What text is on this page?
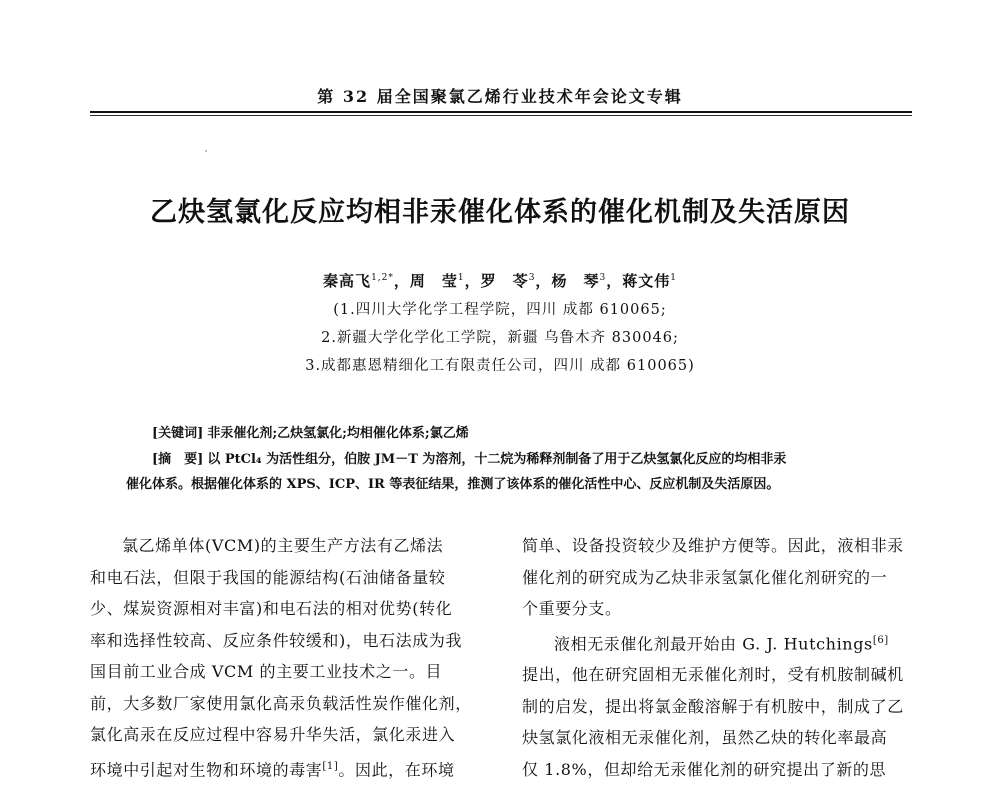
第 32 届全国聚氯乙烯行业技术年会论文专辑
乙炔氢氯化反应均相非汞催化体系的催化机制及失活原因
秦高飞$^{1,2*}$，周　莹$^1$，罗　苓$^3$，杨　琴$^3$，蒋文伟$^1$
(1.四川大学化学工程学院，四川 成都 610065;
2.新疆大学化学化工学院，新疆 乌鲁木齐 830046;
3.成都惠恩精细化工有限责任公司，四川 成都 610065)
[关键词] 非汞催化剂;乙炔氢氯化;均相催化体系;氯乙烯
[摘　要] 以 PtCl₄ 为活性组分，伯胺 JM－T 为溶剂，十二烷为稀释剂制备了用于乙炔氢氯化反应的均相非汞
催化体系。根据催化体系的 XPS、ICP、IR 等表征结果，推测了该体系的催化活性中心、反应机制及失活原因。

氯乙烯单体(VCM)的主要生产方法有乙烯法
和电石法，但限于我国的能源结构(石油储备量较
少、煤炭资源相对丰富)和电石法的相对优势(转化
率和选择性较高、反应条件较缓和)，电石法成为我
国目前工业合成 VCM 的主要工业技术之一。目
前，大多数厂家使用氯化高汞负载活性炭作催化剂，
氯化高汞在反应过程中容易升华失活，氯化汞进入
环境中引起对生物和环境的毒害[1]。因此，在环境

简单、设备投资较少及维护方便等。因此，液相非汞
催化剂的研究成为乙炔非汞氢氯化催化剂研究的一
个重要分支。
液相无汞催化剂最开始由 G. J. Hutchings[6]
提出，他在研究固相无汞催化剂时，受有机胺制碱机
制的启发，提出将氯金酸溶解于有机胺中，制成了乙
炔氢氯化液相无汞催化剂，虽然乙炔的转化率最高
仅 1.8%，但却给无汞催化剂的研究提出了新的思
